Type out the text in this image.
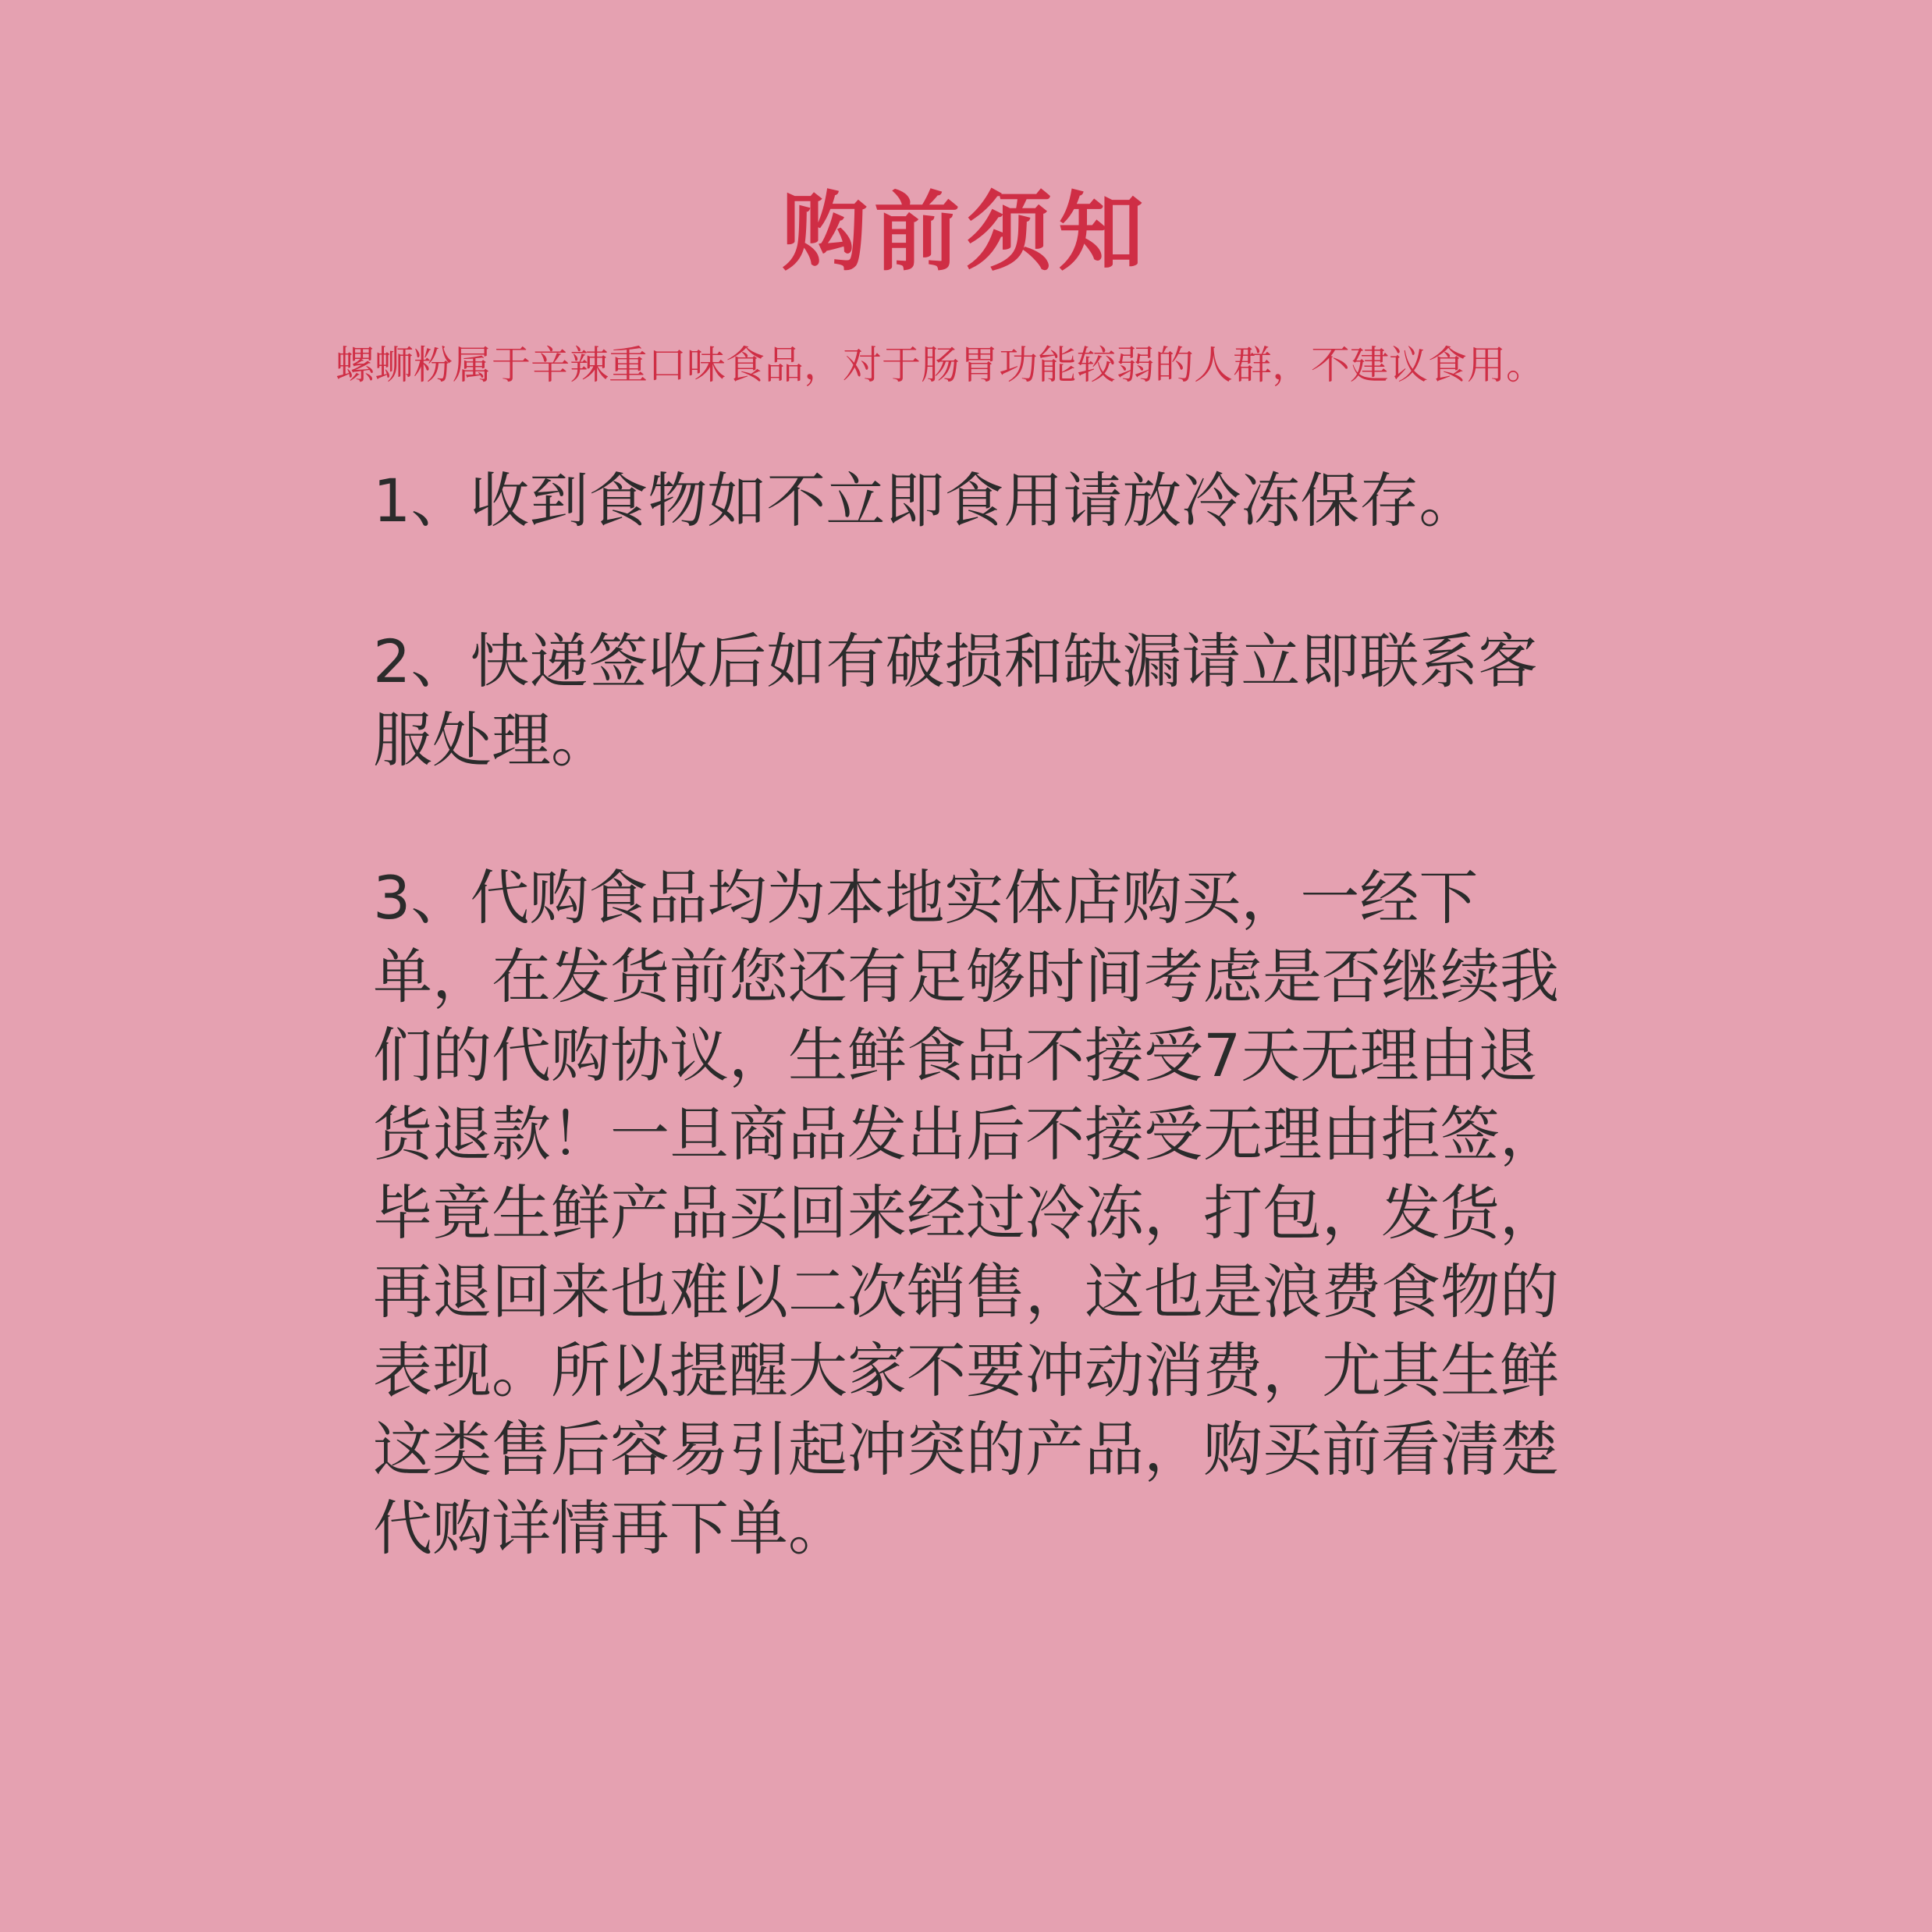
购前须知
螺蛳粉属于辛辣重口味食品，对于肠胃功能较弱的人群，不建议食用。

1、收到食物如不立即食用请放冷冻保存。

2、快递签收后如有破损和缺漏请立即联系客服处理。

3、代购食品均为本地实体店购买，一经下单，在发货前您还有足够时间考虑是否继续我们的代购协议，生鲜食品不接受7天无理由退货退款！一旦商品发出后不接受无理由拒签，毕竟生鲜产品买回来经过冷冻，打包，发货，再退回来也难以二次销售，这也是浪费食物的表现。所以提醒大家不要冲动消费，尤其生鲜这类售后容易引起冲突的产品，购买前看清楚代购详情再下单。
